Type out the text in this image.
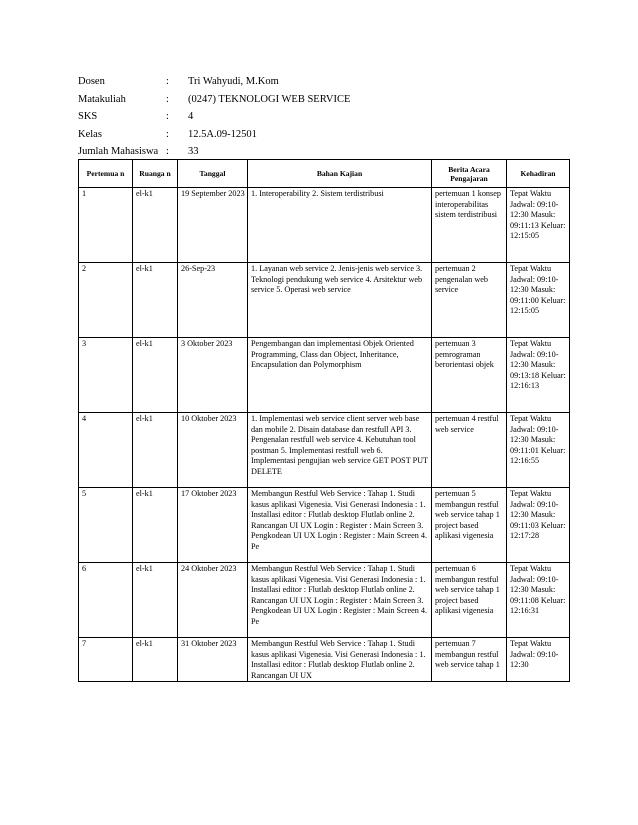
Dosen	: Tri Wahyudi, M.Kom
Matakuliah	: (0247) TEKNOLOGI WEB SERVICE
SKS	: 4
Kelas	: 12.5A.09-12501
Jumlah Mahasiswa : 33
Pertemua n	Ruanga n	Tanggal	Bahan Kajian	Berita Acara Pengajaran	Kehadiran
1	el-k1	19 September 2023	1. Interoperability 2. Sistem terdistribusi	pertemuan 1 konsep interoperabilitas sistem terdistribusi	Tepat Waktu Jadwal: 09:10-12:30 Masuk: 09:11:13 Keluar: 12:15:05
2	el-k1	26-Sep-23	1. Layanan web service 2. Jenis-jenis web service 3. Teknologi pendukung web service 4. Arsitektur web service 5. Operasi web service	pertemuan 2 pengenalan web service	Tepat Waktu Jadwal: 09:10-12:30 Masuk: 09:11:00 Keluar: 12:15:05
3	el-k1	3 Oktober 2023	Pengembangan dan implementasi Objek Oriented Programming, Class dan Object, Inheritance, Encapsulation dan Polymorphism	pertemuan 3 pemrograman berorientasi objek	Tepat Waktu Jadwal: 09:10-12:30 Masuk: 09:13:18 Keluar: 12:16:13
4	el-k1	10 Oktober 2023	1. Implementasi web service client server web base dan mobile 2. Disain database dan restfull API 3. Pengenalan restfull web service 4. Kebutuhan tool postman 5. Implementasi restfull web 6. Implementasi pengujian web service GET POST PUT DELETE	pertemuan 4 restful web service	Tepat Waktu Jadwal: 09:10-12:30 Masuk: 09:11:01 Keluar: 12:16:55
5	el-k1	17 Oktober 2023	Membangun Restful Web Service : Tahap 1. Studi kasus aplikasi Vigenesia. Visi Generasi Indonesia : 1. Installasi editor : Flutlab desktop Flutlab online 2. Rancangan UI UX Login : Register : Main Screen 3. Pengkodean UI UX Login : Register : Main Screen 4. Pe	pertemuan 5 membangun restful web service tahap 1 project based aplikasi vigenesia	Tepat Waktu Jadwal: 09:10-12:30 Masuk: 09:11:03 Keluar: 12:17:28
6	el-k1	24 Oktober 2023	Membangun Restful Web Service : Tahap 1. Studi kasus aplikasi Vigenesia. Visi Generasi Indonesia : 1. Installasi editor : Flutlab desktop Flutlab online 2. Rancangan UI UX Login : Register : Main Screen 3. Pengkodean UI UX Login : Register : Main Screen 4. Pe	pertemuan 6 membangun restful web service tahap 1 project based aplikasi vigenesia	Tepat Waktu Jadwal: 09:10-12:30 Masuk: 09:11:08 Keluar: 12:16:31
7	el-k1	31 Oktober 2023	Membangun Restful Web Service : Tahap 1. Studi kasus aplikasi Vigenesia. Visi Generasi Indonesia : 1. Installasi editor : Flutlab desktop Flutlab online 2. Rancangan UI UX	pertemuan 7 membangun restful web service tahap 1	Tepat Waktu Jadwal: 09:10-12:30
